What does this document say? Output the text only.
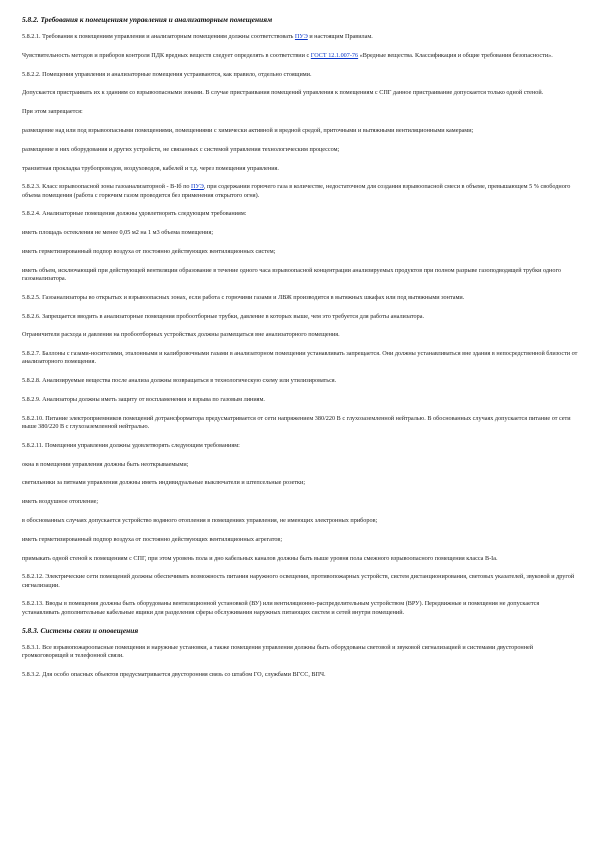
5.8.2. Требования к помещениям управления и анализаторным помещениям
5.8.2.1. Требования к помещениям управления и анализаторным помещениям должны соответствовать ПУЭ и настоящим Правилам.
Чувствительность методов и приборов контроля ПДК вредных веществ следует определять в соответствии с ГОСТ 12.1.007-76 «Вредные вещества. Классификация и общие требования безопасности».
5.8.2.2. Помещения управления и анализаторные помещения устраиваются, как правило, отдельно стоящими.
Допускается пристраивать их к зданиям со взрывоопасными зонами. В случае пристраивания помещений управления к помещениям с СПГ данное пристраивание допускается только одной стеной.
При этом запрещается:
размещение над или под взрывоопасными помещениями, помещениями с химически активной и вредной средой, приточными и вытяжными вентиляционными камерами;
размещение в них оборудования и других устройств, не связанных с системой управления технологическим процессом;
транзитная прокладка трубопроводов, воздуховодов, кабелей и т.д. через помещения управления.
5.8.2.3. Класс взрывоопасной зоны газоанализаторной - В-Iб по ПУЭ, при содержании горючего газа в количестве, недостаточном для создания взрывоопасной смеси в объеме, превышающем 5 % свободного объема помещения (работа с горючим газом проводится без применения открытого огня).
5.8.2.4. Анализаторные помещения должны удовлетворять следующим требованиям:
иметь площадь остекления не менее 0,05 м2 на 1 м3 объема помещения;
иметь герметизированный подпор воздуха от постоянно действующих вентиляционных систем;
иметь объем, исключающий при действующей вентиляции образование в течение одного часа взрывоопасной концентрации анализируемых продуктов при полном разрыве газоподводящей трубки одного газоанализатора.
5.8.2.5. Газоанализаторы во открытых и взрывоопасных зонах, если работа с горючими газами и ЛВЖ производится в вытяжных шкафах или под вытяжными зонтами.
5.8.2.6. Запрещается вводить в анализаторные помещения пробоотборные трубки, давление в которых выше, чем это требуется для работы анализатора.
Ограничители расхода и давления на пробоотборных устройствах должны размещаться вне анализаторного помещения.
5.8.2.7. Баллоны с газами-носителями, эталонными и калибровочными газами в анализаторном помещении устанавливать запрещается. Они должны устанавливаться вне здания в непосредственной близости от анализаторного помещения.
5.8.2.8. Анализируемые вещества после анализа должны возвращаться в технологическую схему или утилизироваться.
5.8.2.9. Анализаторы должны иметь защиту от воспламенения и взрыва по газовым линиям.
5.8.2.10. Питание электроприемников помещений дотрансформатора предусматривается от сети напряжением 380/220 В с глухозаземленной нейтралью. В обоснованных случаях допускается питание от сети выше 380/220 В с глухозаземленной нейтралью.
5.8.2.11. Помещения управления должны удовлетворять следующим требованиям:
окна в помещении управления должны быть неоткрываемыми;
светильники за пятнами управления должны иметь индивидуальные выключатели и штепсельные розетки;
иметь воздушное отопление;
в обоснованных случаях допускается устройство водяного отопления в помещениях управления, не имеющих электронных приборов;
иметь герметизированный подпор воздуха от постоянно действующих вентиляционных агрегатов;
примыкать одной стеной к помещениям с СПГ, при этом уровень пола и дно кабельных каналов должны быть выше уровня пола смежного взрывоопасного помещения класса В-Iа.
5.8.2.12. Электрические сети помещений должны обеспечивать возможность питания наружного освещения, противопожарных устройств, систем дистанционирования, световых указателей, звуковой и другой сигнализации.
5.8.2.13. Вводы в помещения должны быть оборудованы вентиляционной установкой (ВУ) или вентиляционно-распределительным устройством (ВРУ). Передвижные и помещения не допускается устанавливать дополнительные кабельные ящики для разделения сферы обслуживания наружных питающих систем и сетей внутри помещений.
5.8.3. Системы связи и оповещения
5.8.3.1. Все взрывопожароопасные помещения и наружные установки, а также помещения управления должны быть оборудованы световой и звуковой сигнализацией и системами двусторонней громкоговорящей и телефонной связи.
5.8.3.2. Для особо опасных объектов предусматривается двусторонняя связь со штабом ГО, службами ВГСС, ВПЧ.
